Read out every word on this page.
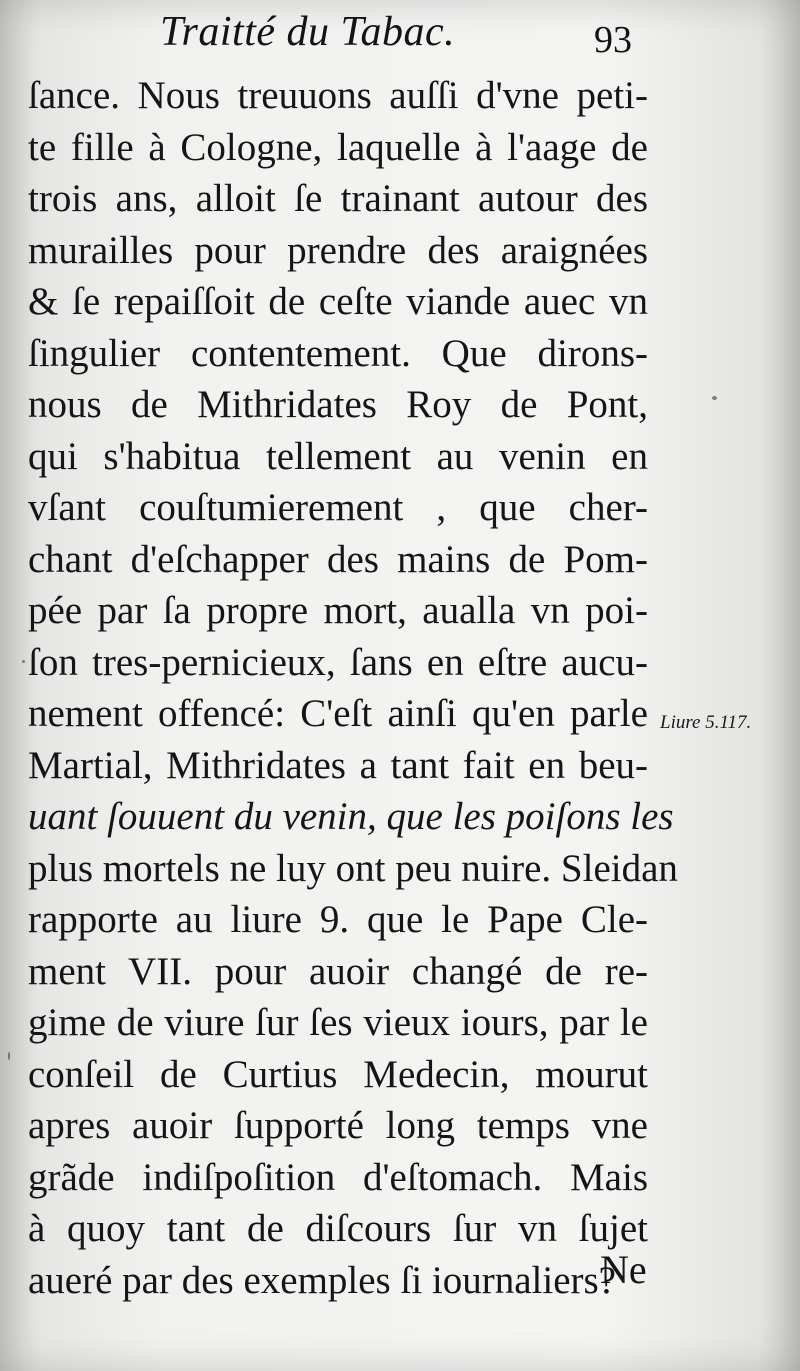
Traitté du Tabac.	93
ſance. Nous treuuons auſſi d'vne peti-
te fille à Cologne, laquelle à l'aage de
trois ans, alloit ſe trainant autour des
murailles pour prendre des araignées
& ſe repaiſſoit de ceſte viande auec vn
ſingulier contentement. Que dirons-
nous de Mithridates Roy de Pont,
qui s'habitua tellement au venin en
vſant couſtumierement , que cher-
chant d'eſchapper des mains de Pom-
pée par ſa propre mort, aualla vn poi-
ſon tres-pernicieux, ſans en eſtre aucu-
nement offencé: C'eſt ainſi qu'en parle
Martial, Mithridates a tant fait en beu-
uant ſouuent du venin, que les poiſons les
plus mortels ne luy ont peu nuire. Sleidan
rapporte au liure 9. que le Pape Cle-
ment VII. pour auoir changé de re-
gime de viure ſur ſes vieux iours, par le
conſeil de Curtius Medecin, mourut
apres auoir ſupporté long temps vne
grãde indiſpoſition d'eſtomach. Mais
à quoy tant de diſcours ſur vn ſujet
aueré par des exemples ſi iournaliers?
Liure 5.117.
Ne
